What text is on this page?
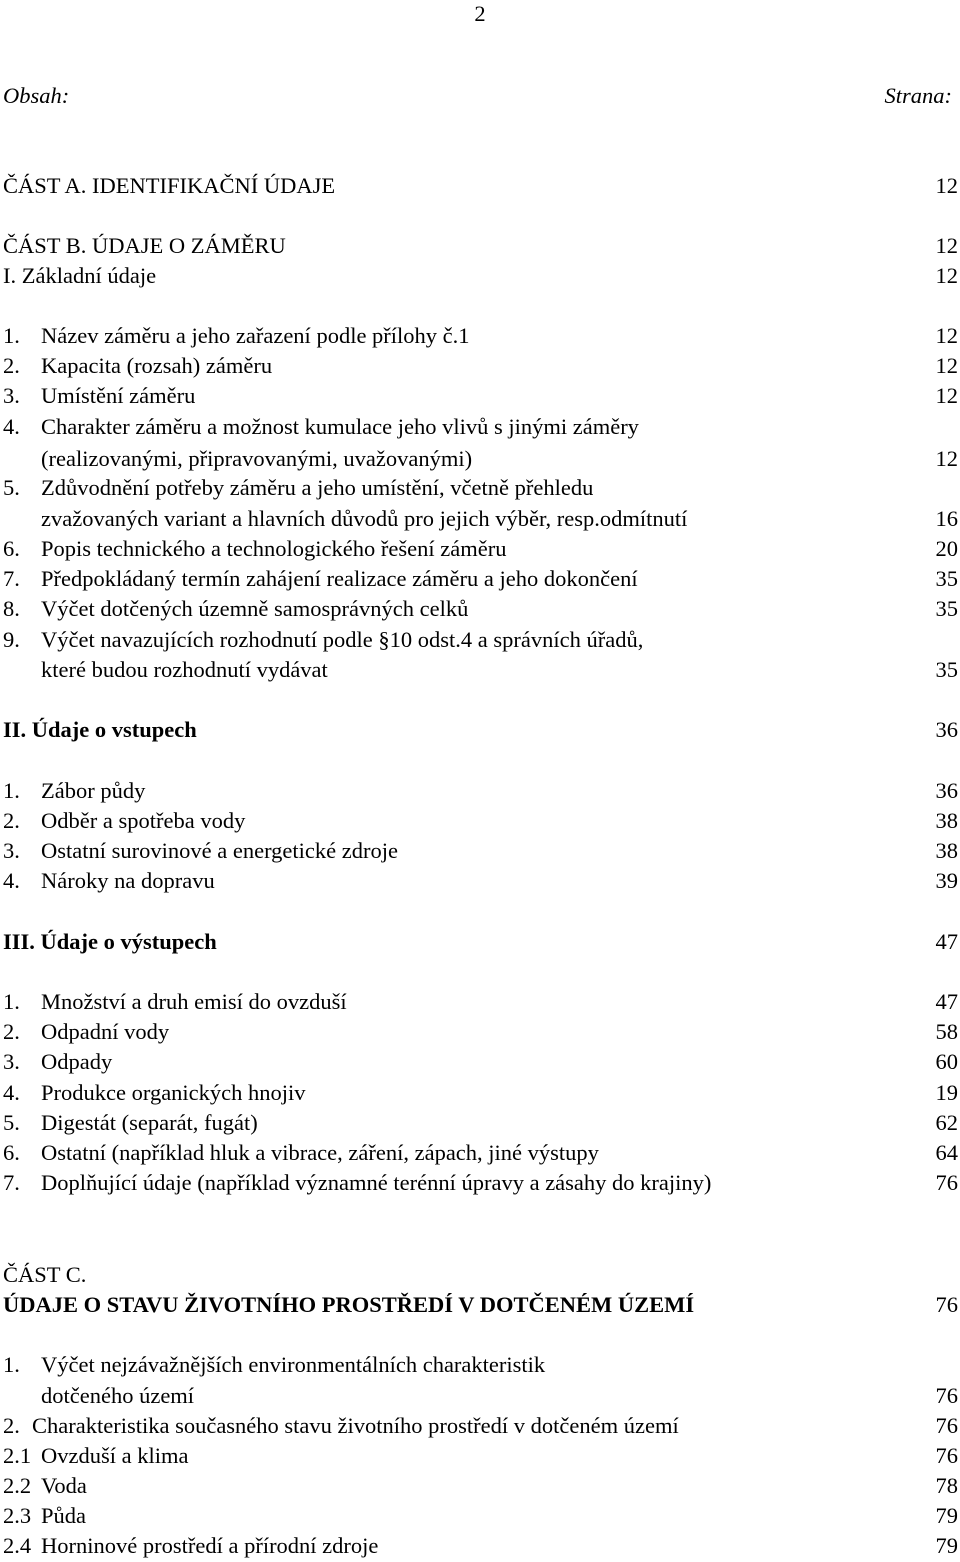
2
Obsah:	Strana:
ČÁST A. IDENTIFIKAČNÍ ÚDAJE	12
ČÁST B. ÚDAJE O ZÁMĚRU	12
I. Základní údaje	12
1. Název záměru a jeho zařazení podle přílohy č.1	12
2. Kapacita (rozsah) záměru	12
3. Umístění záměru	12
4. Charakter záměru a možnost kumulace jeho vlivů s jinými záměry
(realizovanými, připravovanými, uvažovanými)	12
5. Zdůvodnění potřeby záměru a jeho umístění, včetně přehledu
zvažovaných variant a hlavních důvodů pro jejich výběr, resp.odmítnutí	16
6. Popis technického a technologického řešení záměru	20
7. Předpokládaný termín zahájení realizace záměru a jeho dokončení	35
8. Výčet dotčených územně samosprávných celků	35
9. Výčet navazujících rozhodnutí podle §10 odst.4 a správních úřadů,
které budou rozhodnutí vydávat	35
II. Údaje o vstupech	36
1. Zábor půdy	36
2. Odběr a spotřeba vody	38
3. Ostatní surovinové a energetické zdroje	38
4. Nároky na dopravu	39
III. Údaje o výstupech	47
1. Množství a druh emisí do ovzduší	47
2. Odpadní vody	58
3. Odpady	60
4. Produkce organických hnojiv	19
5. Digestát (separát, fugát)	62
6. Ostatní (například hluk a vibrace, záření, zápach, jiné výstupy	64
7. Doplňující údaje (například významné terénní úpravy a zásahy do krajiny)	76
ČÁST C.
ÚDAJE O STAVU ŽIVOTNÍHO PROSTŘEDÍ V DOTČENÉM ÚZEMÍ	76
1. Výčet nejzávažnějších environmentálních charakteristik
dotčeného území	76
2. Charakteristika současného stavu životního prostředí v dotčeném území	76
2.1 Ovzduší a klima	76
2.2 Voda	78
2.3 Půda	79
2.4 Horninové prostředí a přírodní zdroje	79
